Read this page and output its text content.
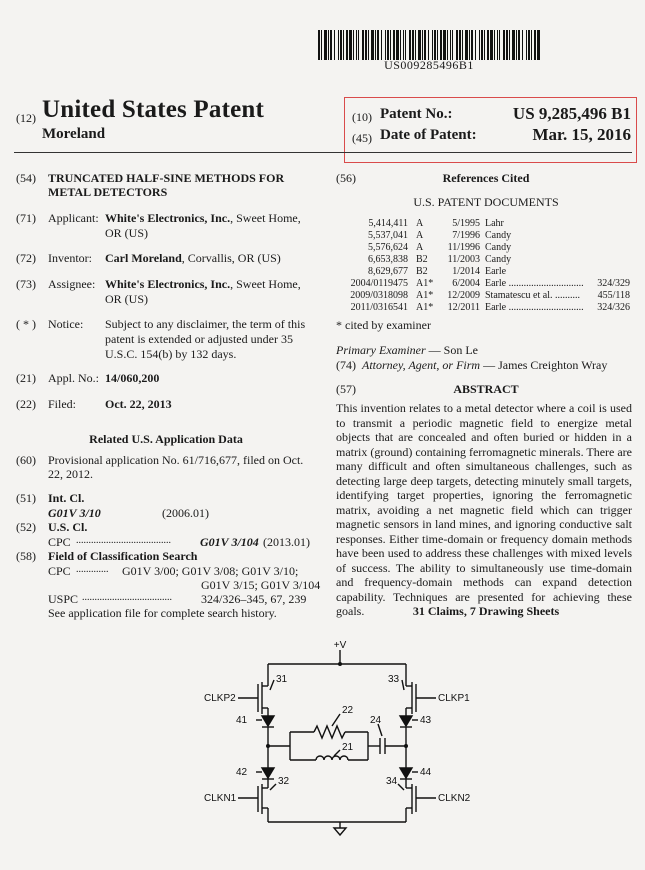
US009285496B1
(12) United States Patent
Moreland
(10) Patent No.:	US 9,285,496 B1
(45) Date of Patent:	Mar. 15, 2016
(54) TRUNCATED HALF-SINE METHODS FOR
METAL DETECTORS
(71) Applicant: White's Electronics, Inc., Sweet Home,
OR (US)
(72) Inventor: Carl Moreland, Corvallis, OR (US)
(73) Assignee: White's Electronics, Inc., Sweet Home,
OR (US)
( * ) Notice: Subject to any disclaimer, the term of this
patent is extended or adjusted under 35
U.S.C. 154(b) by 132 days.
(21) Appl. No.: 14/060,200
(22) Filed: Oct. 22, 2013
Related U.S. Application Data
(60) Provisional application No. 61/716,677, filed on Oct.
22, 2012.
(51) Int. Cl.
G01V 3/10	(2006.01)
(52) U.S. Cl.
CPC ...................................... G01V 3/104 (2013.01)
(58) Field of Classification Search
CPC ............. G01V 3/00; G01V 3/08; G01V 3/10;
G01V 3/15; G01V 3/104
USPC .................................... 324/326–345, 67, 239
See application file for complete search history.
(56)	References Cited
U.S. PATENT DOCUMENTS
5,414,411 A	5/1995 Lahr
5,537,041 A	7/1996 Candy
5,576,624 A	11/1996 Candy
6,653,838 B2	11/2003 Candy
8,629,677 B2	1/2014 Earle
2004/0119475 A1*	6/2004 Earle ..............................	324/329
2009/0318098 A1*	12/2009 Stamatescu et al. ..........	455/118
2011/0316541 A1*	12/2011 Earle ..............................	324/326
* cited by examiner
Primary Examiner — Son Le
(74) Attorney, Agent, or Firm — James Creighton Wray
(57)	ABSTRACT
This invention relates to a metal detector where a coil is used to transmit a periodic magnetic field to energize metal objects that are concealed and often buried or hidden in a matrix (ground) containing ferromagnetic minerals. There are many difficult and often simultaneous challenges, such as detecting large deep targets, detecting minutely small targets, identifying target properties, ignoring the ferromagnetic matrix, avoiding a net magnetic field which can trigger magnetic sensors in land mines, and ignoring conductive salt responses. Either time-domain or frequency domain methods have been used to address these challenges with mixed levels of success. The ability to simultaneously use time-domain and frequency-domain methods can expand detection capability. Techniques are presented for achieving these goals.	31 Claims, 7 Drawing Sheets
+V
CLKP2	CLKP1
CLKN1	CLKN2
31	33
41	43
22
24
21
42	44
32	34
